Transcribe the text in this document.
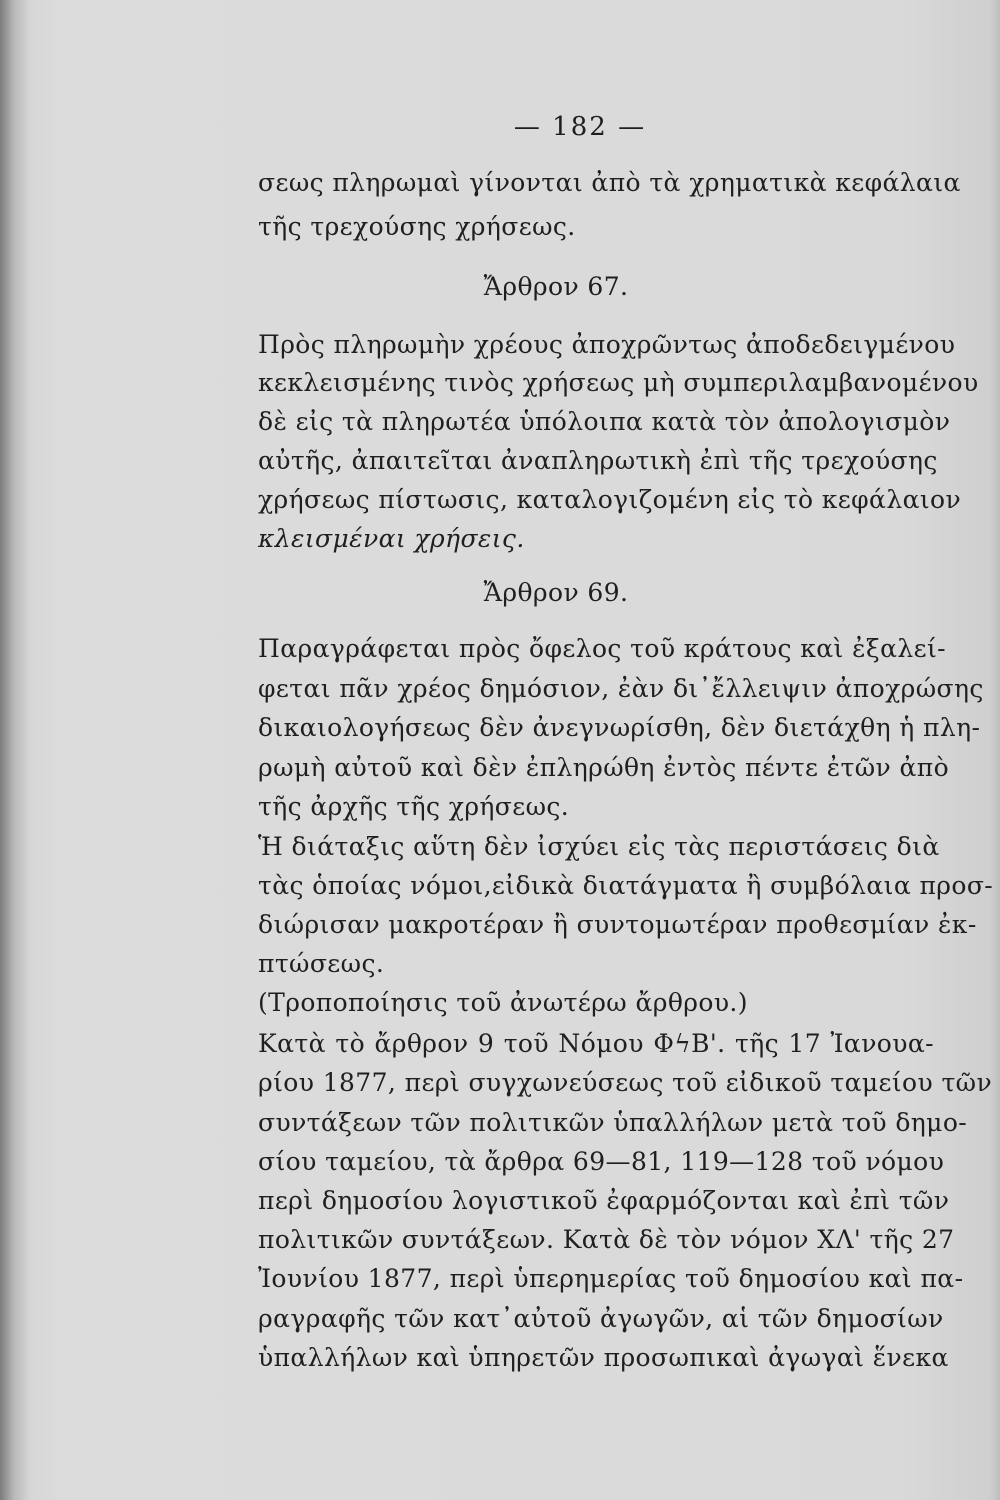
— 182 —
σεως πληρωμαὶ γίνονται ἀπὸ τὰ χρηματικὰ κεφάλαια
τῆς τρεχούσης χρήσεως.
Ἄρθρον 67.
Πρὸς πληρωμὴν χρέους ἀποχρῶντως ἀποδεδειγμένου
κεκλεισμένης τινὸς χρήσεως μὴ συμπεριλαμβανομένου
δὲ εἰς τὰ πληρωτέα ὑπόλοιπα κατὰ τὸν ἀπολογισμὸν
αὐτῆς, ἀπαιτεῖται ἀναπληρωτικὴ ἐπὶ τῆς τρεχούσης
χρήσεως πίστωσις, καταλογιζομένη εἰς τὸ κεφάλαιον
κλεισμέναι χρήσεις.
Ἄρθρον 69.
Παραγράφεται πρὸς ὄφελος τοῦ κράτους καὶ ἐξαλεί-
φεται πᾶν χρέος δημόσιον, ἐὰν δι᾽ἔλλειψιν ἀποχρώσης
δικαιολογήσεως δὲν ἀνεγνωρίσθη, δὲν διετάχθη ἡ πλη-
ρωμὴ αὐτοῦ καὶ δὲν ἐπληρώθη ἐντὸς πέντε ἐτῶν ἀπὸ
τῆς ἀρχῆς τῆς χρήσεως.
Ἡ διάταξις αὕτη δὲν ἰσχύει εἰς τὰς περιστάσεις διὰ
τὰς ὁποίας νόμοι,εἰδικὰ διατάγματα ἢ συμβόλαια προσ-
διώρισαν μακροτέραν ἢ συντομωτέραν προθεσμίαν ἐκ-
πτώσεως.
(Τροποποίησις τοῦ ἀνωτέρω ἄρθρου.)
Κατὰ τὸ ἄρθρον 9 τοῦ Νόμου ΦϟΒ'. τῆς 17 Ἰανουα-
ρίου 1877, περὶ συγχωνεύσεως τοῦ εἰδικοῦ ταμείου τῶν
συντάξεων τῶν πολιτικῶν ὑπαλλήλων μετὰ τοῦ δημο-
σίου ταμείου, τὰ ἄρθρα 69—81, 119—128 τοῦ νόμου
περὶ δημοσίου λογιστικοῦ ἐφαρμόζονται καὶ ἐπὶ τῶν
πολιτικῶν συντάξεων. Κατὰ δὲ τὸν νόμον ΧΛ' τῆς 27
Ἰουνίου 1877, περὶ ὑπερημερίας τοῦ δημοσίου καὶ πα-
ραγραφῆς τῶν κατ᾽αὐτοῦ ἀγωγῶν, αἱ τῶν δημοσίων
ὑπαλλήλων καὶ ὑπηρετῶν προσωπικαὶ ἀγωγαὶ ἕνεκα
